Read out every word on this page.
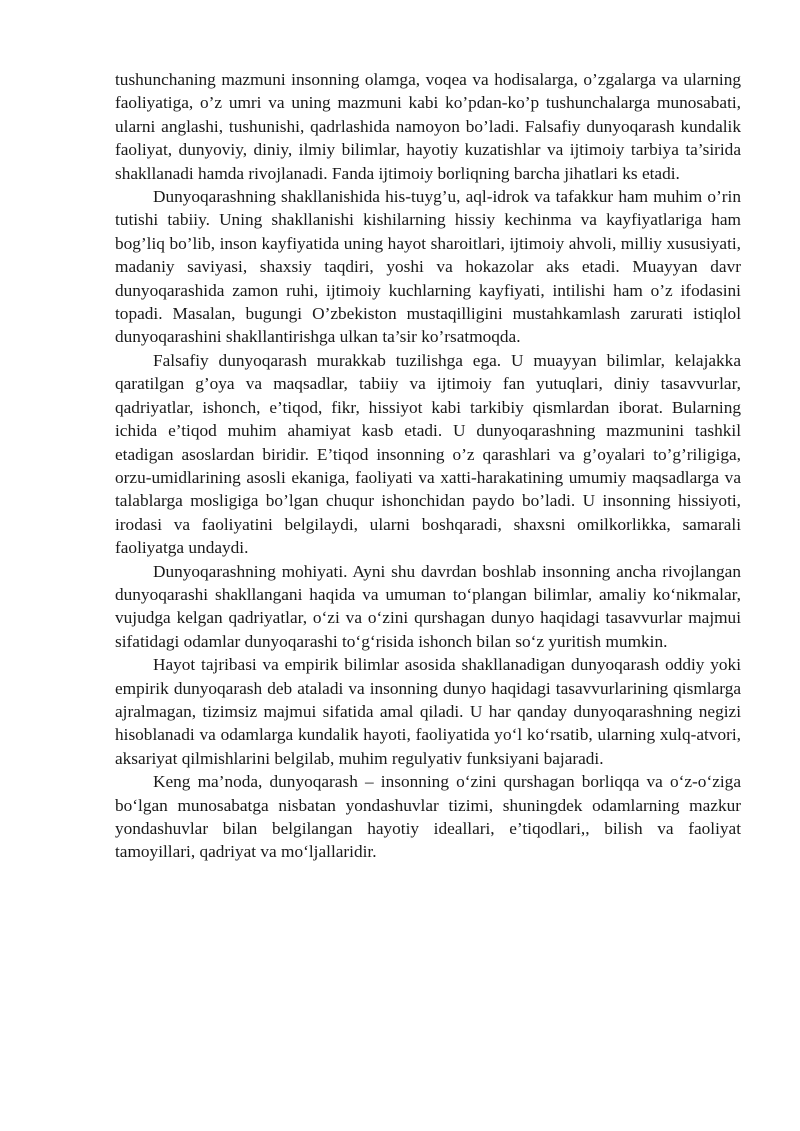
tushunchaning mazmuni insonning olamga, voqea va hodisalarga, o’zgalarga va ularning faoliyatiga, o’z umri va uning mazmuni kabi ko’pdan-ko’p tushunchalarga munosabati, ularni anglashi, tushunishi, qadrlashida namoyon bo’ladi. Falsafiy dunyoqarash kundalik faoliyat, dunyoviy, diniy, ilmiy bilimlar, hayotiy kuzatishlar va ijtimoiy tarbiya ta’sirida shakllanadi hamda rivojlanadi. Fanda ijtimoiy borliqning barcha jihatlari ks etadi.

Dunyoqarashning shakllanishida his-tuyg’u, aql-idrok va tafakkur ham muhim o’rin tutishi tabiiy. Uning shakllanishi kishilarning hissiy kechinma va kayfiyatlariga ham bog’liq bo’lib, inson kayfiyatida uning hayot sharoitlari, ijtimoiy ahvoli, milliy xususiyati, madaniy saviyasi, shaxsiy taqdiri, yoshi va hokazolar aks etadi. Muayyan davr dunyoqarashida zamon ruhi, ijtimoiy kuchlarning kayfiyati, intilishi ham o’z ifodasini topadi. Masalan, bugungi O’zbekiston mustaqilligini mustahkamlash zarurati istiqlol dunyoqarashini shakllantirishga ulkan ta’sir ko’rsatmoqda.

Falsafiy dunyoqarash murakkab tuzilishga ega. U muayyan bilimlar, kelajakka qaratilgan g’oya va maqsadlar, tabiiy va ijtimoiy fan yutuqlari, diniy tasavvurlar, qadriyatlar, ishonch, e’tiqod, fikr, hissiyot kabi tarkibiy qismlardan iborat. Bularning ichida e’tiqod muhim ahamiyat kasb etadi. U dunyoqarashning mazmunini tashkil etadigan asoslardan biridir. E’tiqod insonning o’z qarashlari va g’oyalari to’g’riligiga, orzu-umidlarining asosli ekaniga, faoliyati va xatti-harakatining umumiy maqsadlarga va talablarga mosligiga bo’lgan chuqur ishonchidan paydo bo’ladi. U insonning hissiyoti, irodasi va faoliyatini belgilaydi, ularni boshqaradi, shaxsni omilkorlikka, samarali faoliyatga undaydi.

Dunyoqarashning mohiyati. Ayni shu davrdan boshlab insonning ancha rivojlangan dunyoqarashi shakllangani haqida va umuman to‘plangan bilimlar, amaliy ko‘nikmalar, vujudga kelgan qadriyatlar, o‘zi va o‘zini qurshagan dunyo haqidagi tasavvurlar majmui sifatidagi odamlar dunyoqarashi to‘g‘risida ishonch bilan so‘z yuritish mumkin.

Hayot tajribasi va empirik bilimlar asosida shakllanadigan dunyoqarash oddiy yoki empirik dunyoqarash deb ataladi va insonning dunyo haqidagi tasavvurlarining qismlarga ajralmagan, tizimsiz majmui sifatida amal qiladi. U har qanday dunyoqarashning negizi hisoblanadi va odamlarga kundalik hayoti, faoliyatida yo‘l ko‘rsatib, ularning xulq-atvori, aksariyat qilmishlarini belgilab, muhim regulyativ funksiyani bajaradi.

Keng ma’noda, dunyoqarash – insonning o‘zini qurshagan borliqqa va o‘z-o‘ziga bo‘lgan munosabatga nisbatan yondashuvlar tizimi, shuningdek odamlarning mazkur yondashuvlar bilan belgilangan hayotiy ideallari, e’tiqodlari,, bilish va faoliyat tamoyillari, qadriyat va mo‘ljallaridir.
